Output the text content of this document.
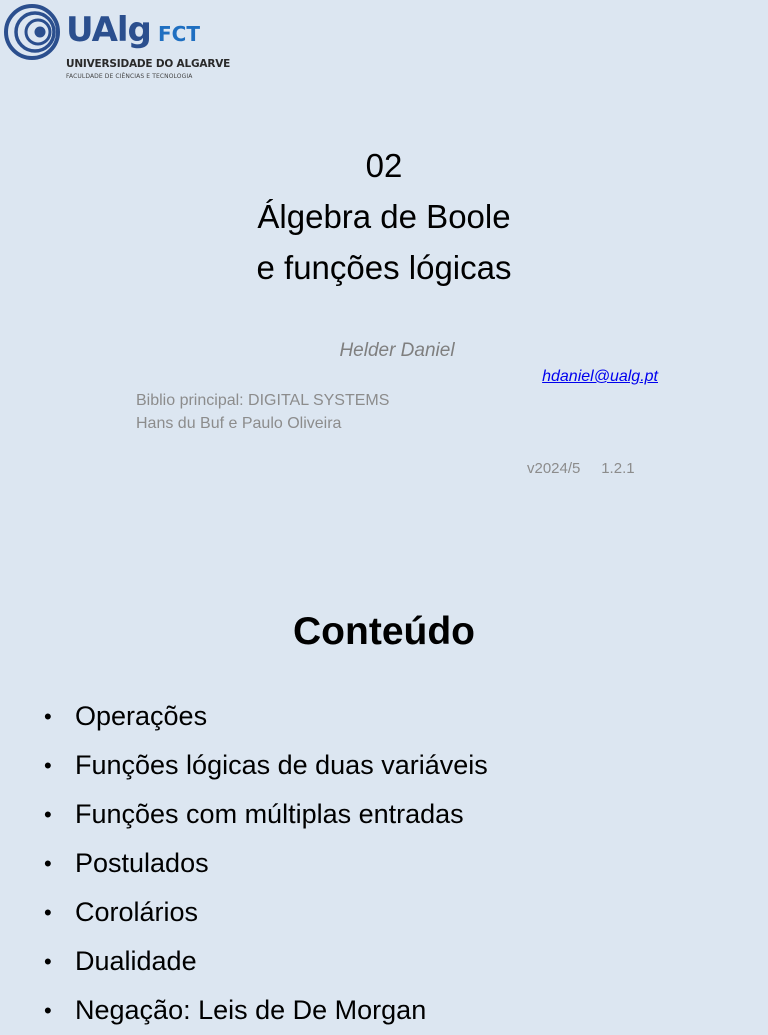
UAlg FCT
UNIVERSIDADE DO ALGARVE
FACULDADE DE CIÊNCIAS E TECNOLOGIA
02
Álgebra de Boole
e funções lógicas
Helder Daniel
hdaniel@ualg.pt
Biblio principal: DIGITAL SYSTEMS
Hans du Buf e Paulo Oliveira
v2024/5     1.2.1
Conteúdo
• Operações
• Funções lógicas de duas variáveis
• Funções com múltiplas entradas
• Postulados
• Corolários
• Dualidade
• Negação: Leis de De Morgan
